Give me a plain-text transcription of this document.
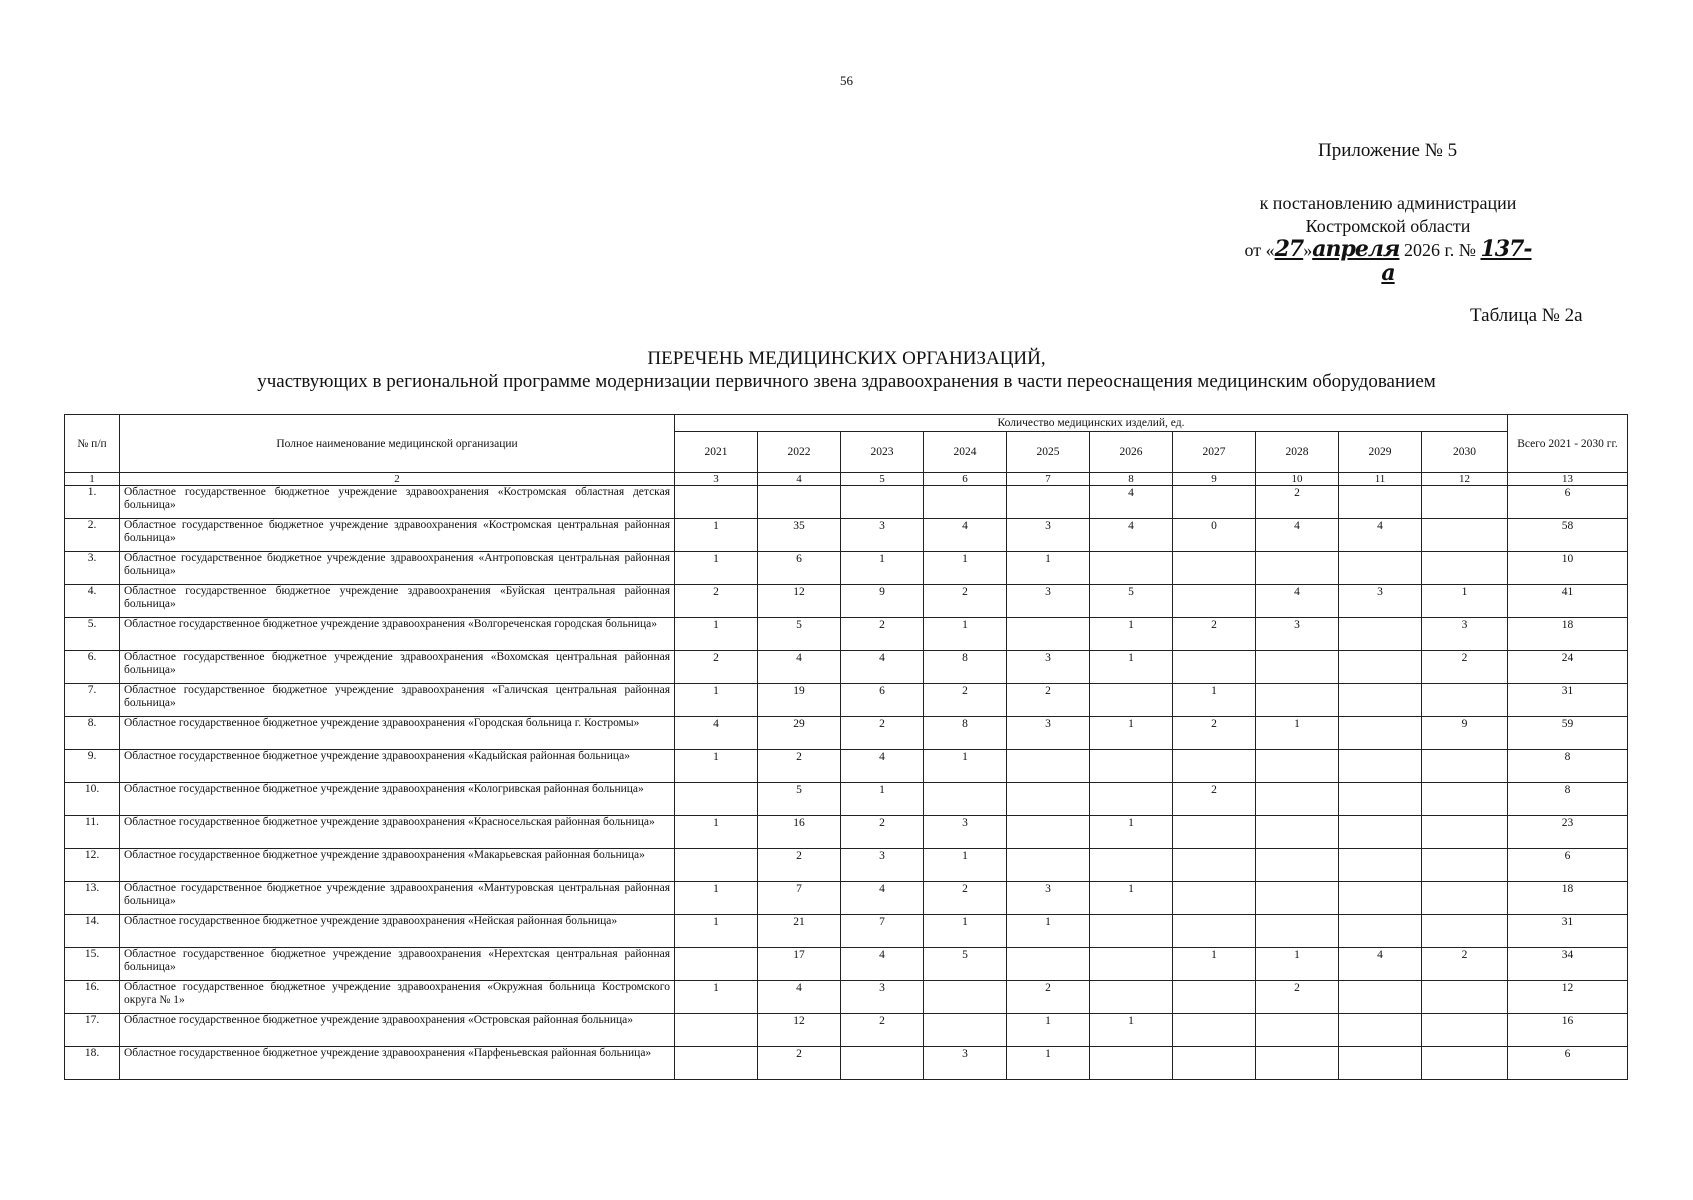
56
Приложение № 5
к постановлению администрации
Костромской области
от «27»апреля 2026 г. № 137-а
Таблица № 2а
ПЕРЕЧЕНЬ МЕДИЦИНСКИХ ОРГАНИЗАЦИЙ,
участвующих в региональной программе модернизации первичного звена здравоохранения в части переоснащения медицинским оборудованием
№ п/п	Полное наименование медицинской организации	Количество медицинских изделий, ед.										Всего 2021 - 2030 гг.
		2021	2022	2023	2024	2025	2026	2027	2028	2029	2030	
1	2	3	4	5	6	7	8	9	10	11	12	13
1.	Областное государственное бюджетное учреждение здравоохранения «Костромская областная детская больница»						4		2			6
2.	Областное государственное бюджетное учреждение здравоохранения «Костромская центральная районная больница»	1	35	3	4	3	4	0	4	4		58
3.	Областное государственное бюджетное учреждение здравоохранения «Антроповская центральная районная больница»	1	6	1	1	1						10
4.	Областное государственное бюджетное учреждение здравоохранения «Буйская центральная районная больница»	2	12	9	2	3	5		4	3	1	41
5.	Областное государственное бюджетное учреждение здравоохранения «Волгореченская городская больница»	1	5	2	1		1	2	3		3	18
6.	Областное государственное бюджетное учреждение здравоохранения «Вохомская центральная районная больница»	2	4	4	8	3	1				2	24
7.	Областное государственное бюджетное учреждение здравоохранения «Галичская центральная районная больница»	1	19	6	2	2		1				31
8.	Областное государственное бюджетное учреждение здравоохранения «Городская больница г. Костромы»	4	29	2	8	3	1	2	1		9	59
9.	Областное государственное бюджетное учреждение здравоохранения «Кадыйская районная больница»	1	2	4	1							8
10.	Областное государственное бюджетное учреждение здравоохранения «Кологривская районная больница»		5	1				2				8
11.	Областное государственное бюджетное учреждение здравоохранения «Красносельская районная больница»	1	16	2	3		1					23
12.	Областное государственное бюджетное учреждение здравоохранения «Макарьевская районная больница»		2	3	1							6
13.	Областное государственное бюджетное учреждение здравоохранения «Мантуровская центральная районная больница»	1	7	4	2	3	1					18
14.	Областное государственное бюджетное учреждение здравоохранения «Нейская районная больница»	1	21	7	1	1						31
15.	Областное государственное бюджетное учреждение здравоохранения «Нерехтская центральная районная больница»		17	4	5			1	1	4	2	34
16.	Областное государственное бюджетное учреждение здравоохранения «Окружная больница Костромского округа № 1»	1	4	3		2			2			12
17.	Областное государственное бюджетное учреждение здравоохранения «Островская районная больница»		12	2		1	1					16
18.	Областное государственное бюджетное учреждение здравоохранения «Парфеньевская районная больница»		2		3	1						6
